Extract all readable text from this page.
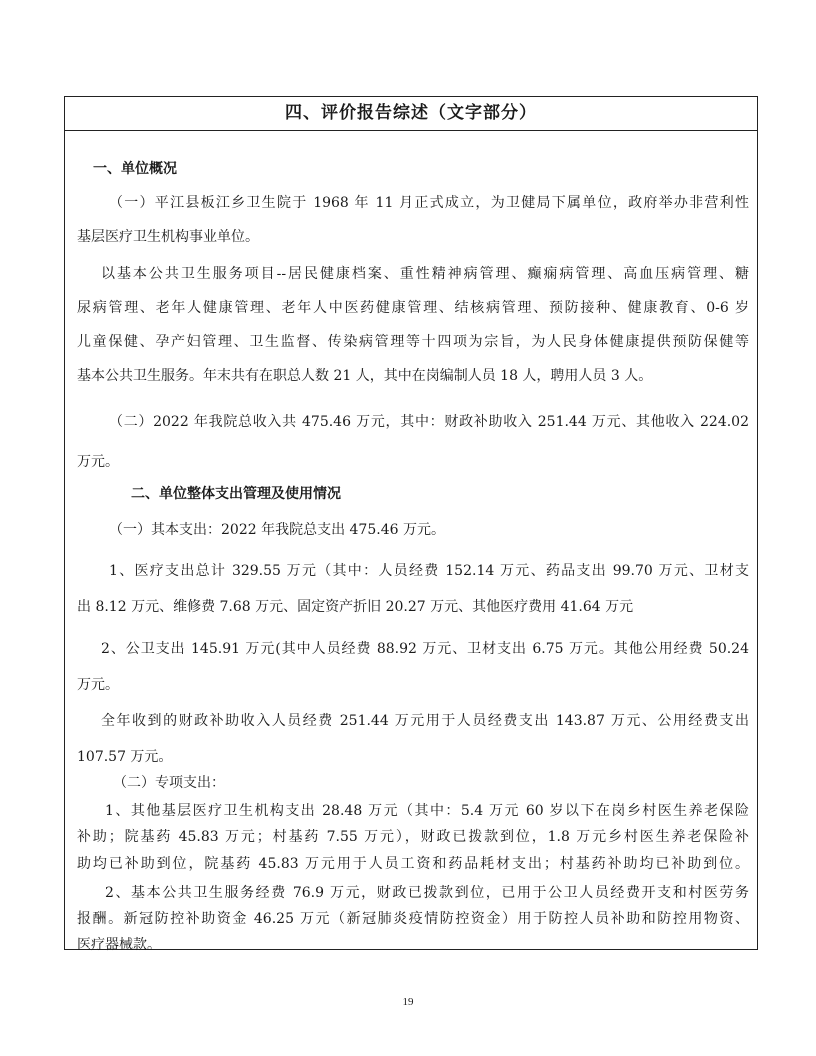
四、评价报告综述（文字部分）
一、单位概况
（一）平江县板江乡卫生院于 1968 年 11 月正式成立，为卫健局下属单位，政府举办非营利性
基层医疗卫生机构事业单位。
以基本公共卫生服务项目--居民健康档案、重性精神病管理、癫痫病管理、高血压病管理、糖
尿病管理、老年人健康管理、老年人中医药健康管理、结核病管理、预防接种、健康教育、0-6 岁
儿童保健、孕产妇管理、卫生监督、传染病管理等十四项为宗旨，为人民身体健康提供预防保健等
基本公共卫生服务。年末共有在职总人数 21 人，其中在岗编制人员 18 人，聘用人员 3 人。
（二）2022 年我院总收入共 475.46 万元，其中：财政补助收入 251.44 万元、其他收入 224.02
万元。
二、单位整体支出管理及使用情况
（一）其本支出：2022 年我院总支出 475.46 万元。
1、医疗支出总计 329.55 万元（其中：人员经费 152.14 万元、药品支出 99.70 万元、卫材支
出 8.12 万元、维修费 7.68 万元、固定资产折旧 20.27 万元、其他医疗费用 41.64 万元
2、公卫支出 145.91 万元(其中人员经费 88.92 万元、卫材支出 6.75 万元。其他公用经费 50.24
万元。
全年收到的财政补助收入人员经费 251.44 万元用于人员经费支出 143.87 万元、公用经费支出
107.57 万元。
（二）专项支出：
1、其他基层医疗卫生机构支出 28.48 万元（其中：5.4 万元 60 岁以下在岗乡村医生养老保险
补助；院基药 45.83 万元；村基药 7.55 万元），财政已拨款到位，1.8 万元乡村医生养老保险补
助均已补助到位，院基药 45.83 万元用于人员工资和药品耗材支出；村基药补助均已补助到位。
2、基本公共卫生服务经费 76.9 万元，财政已拨款到位，已用于公卫人员经费开支和村医劳务
报酬。新冠防控补助资金 46.25 万元（新冠肺炎疫情防控资金）用于防控人员补助和防控用物资、
医疗器械款。
19
